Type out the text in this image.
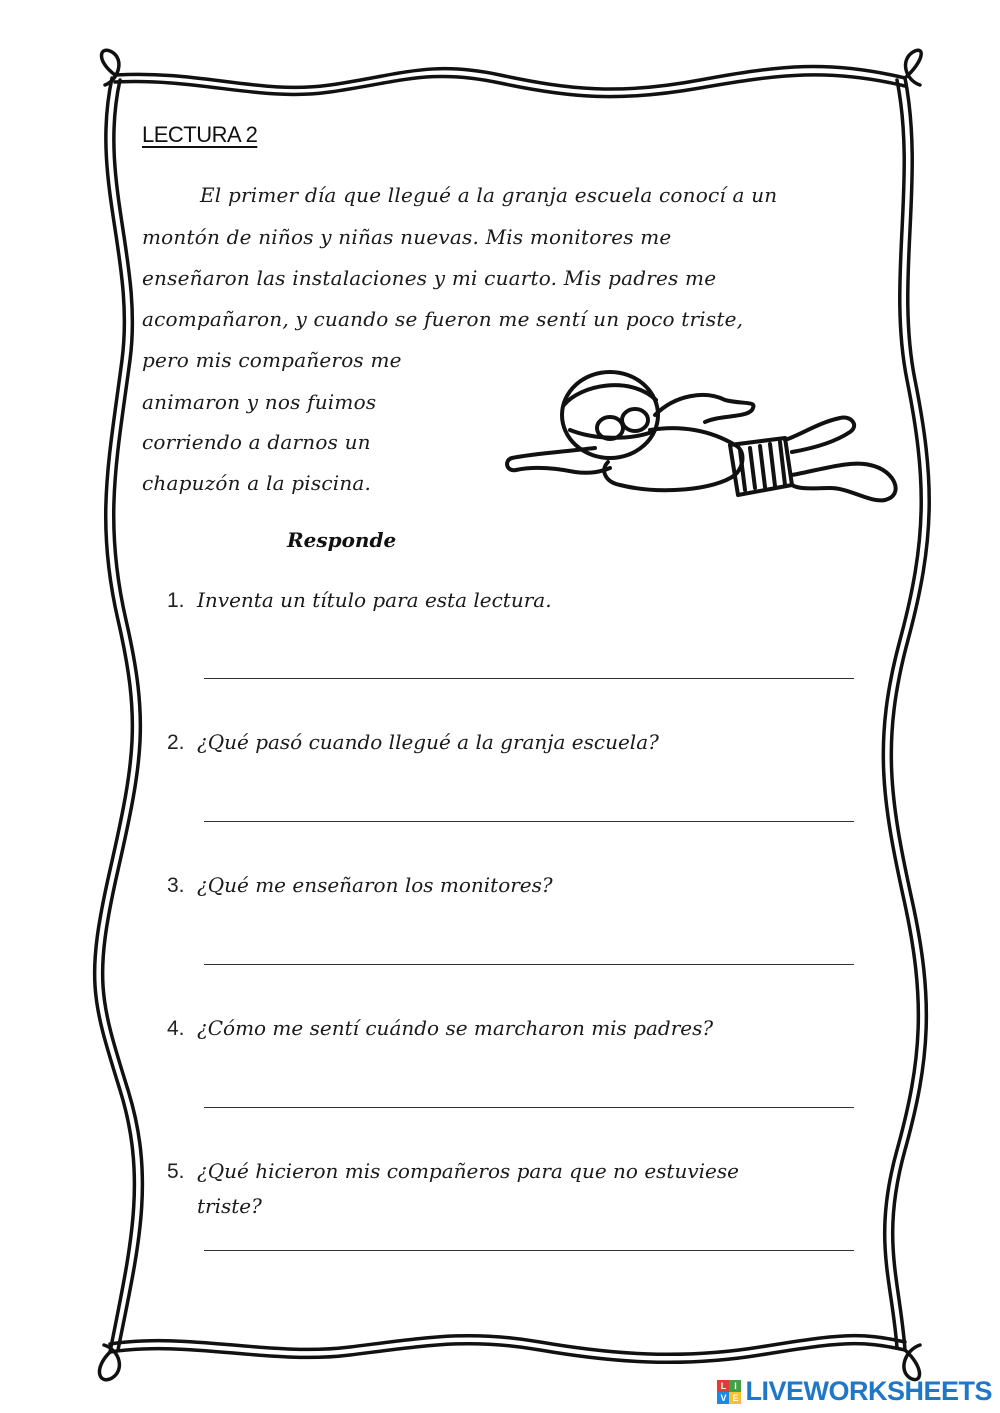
LECTURA 2
El primer día que llegué a la granja escuela conocí a un
montón de niños y niñas nuevas. Mis monitores me
enseñaron las instalaciones y mi cuarto. Mis padres me
acompañaron, y cuando se fueron me sentí un poco triste,
pero mis compañeros me
animaron y nos fuimos
corriendo a darnos un
chapuzón a la piscina.
Responde
1. Inventa un título para esta lectura.
2. ¿Qué pasó cuando llegué a la granja escuela?
3. ¿Qué me enseñaron los monitores?
4. ¿Cómo me sentí cuándo se marcharon mis padres?
5. ¿Qué hicieron mis compañeros para que no estuviese
triste?
L I
V E LIVEWORKSHEETS
